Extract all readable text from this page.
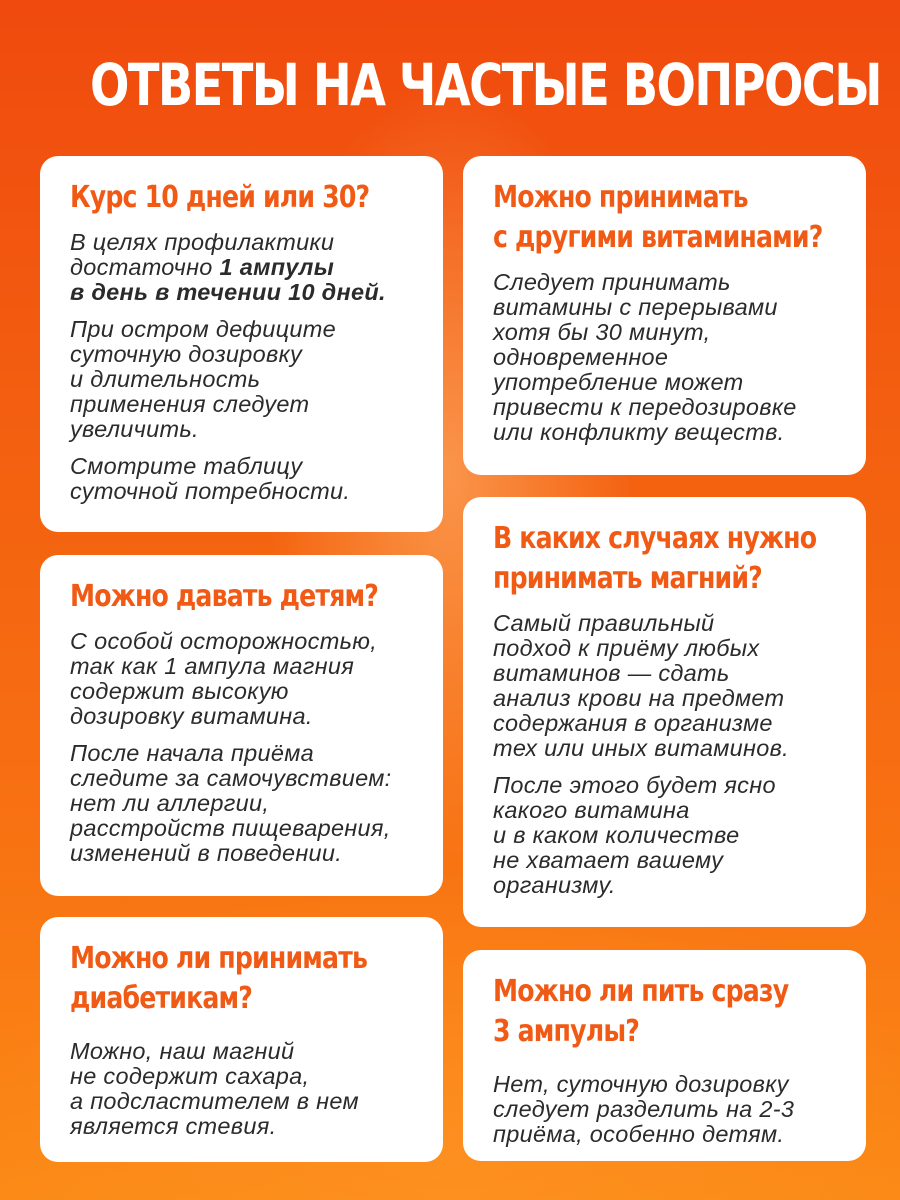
ОТВЕТЫ НА ЧАСТЫЕ ВОПРОСЫ
Курс 10 дней или 30?
В целях профилактики
достаточно 1 ампулы
в день в течении 10 дней.
При остром дефиците
суточную дозировку
и длительность
применения следует
увеличить.
Смотрите таблицу
суточной потребности.
Можно принимать
с другими витаминами?
Следует принимать
витамины с перерывами
хотя бы 30 минут,
одновременное
употребление может
привести к передозировке
или конфликту веществ.
Можно давать детям?
С особой осторожностью,
так как 1 ампула магния
содержит высокую
дозировку витамина.
После начала приёма
следите за самочувствием:
нет ли аллергии,
расстройств пищеварения,
изменений в поведении.
В каких случаях нужно
принимать магний?
Самый правильный
подход к приёму любых
витаминов — сдать
анализ крови на предмет
содержания в организме
тех или иных витаминов.
После этого будет ясно
какого витамина
и в каком количестве
не хватает вашему
организму.
Можно ли принимать
диабетикам?
Можно, наш магний
не содержит сахара,
а подсластителем в нем
является стевия.
Можно ли пить сразу
3 ампулы?
Нет, суточную дозировку
следует разделить на 2-3
приёма, особенно детям.
